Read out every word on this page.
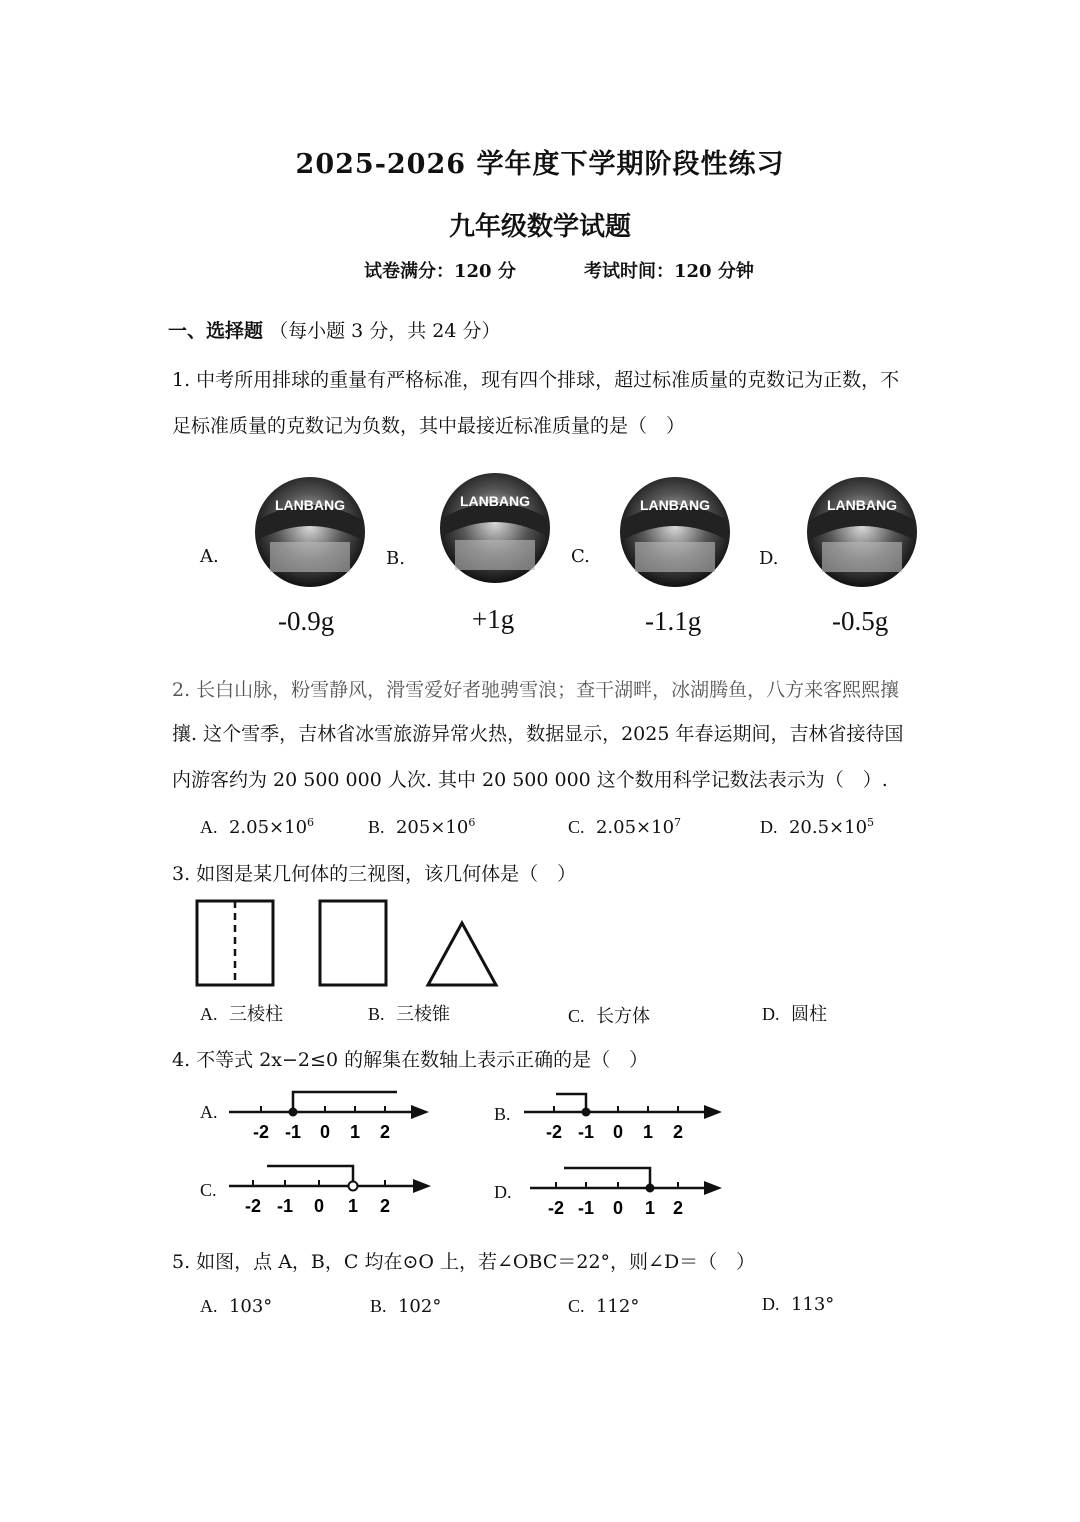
2025-2026 学年度下学期阶段性练习
九年级数学试题
试卷满分：120 分	考试时间：120 分钟
一、选择题 （每小题 3 分，共 24 分）
1. 中考所用排球的重量有严格标准，现有四个排球，超过标准质量的克数记为正数，不
足标准质量的克数记为负数，其中最接近标准质量的是（　）
LANBANG	LANBANG	LANBANG	LANBANG
A.	B.	C.	D.
-0.9g	+1g	-1.1g	-0.5g
2. 长白山脉，粉雪静风，滑雪爱好者驰骋雪浪；查干湖畔，冰湖腾鱼，八方来客熙熙攘
攘. 这个雪季，吉林省冰雪旅游异常火热，数据显示，2025 年春运期间，吉林省接待国
内游客约为 20 500 000 人次. 其中 20 500 000 这个数用科学记数法表示为（　）.
A. $2.05\times 10^6$	B. $205\times 10^6$	C. $2.05\times 10^7$	D. $20.5\times 10^5$
3. 如图是某几何体的三视图，该几何体是（　）
A. 三棱柱	B. 三棱锥	C. 长方体	D. 圆柱
4. 不等式 2x−2≤0 的解集在数轴上表示正确的是（　）
A.	B.
C.	D.
-2 -1 0 1 2	-2 -1 0 1 2
-2 -1 0 1 2	-2 -1 0 1 2
5. 如图，点 A，B，C 均在⊙O 上，若∠OBC＝22°，则∠D＝（　）
A. 103°	B. 102°	C. 112°	D. 113°
